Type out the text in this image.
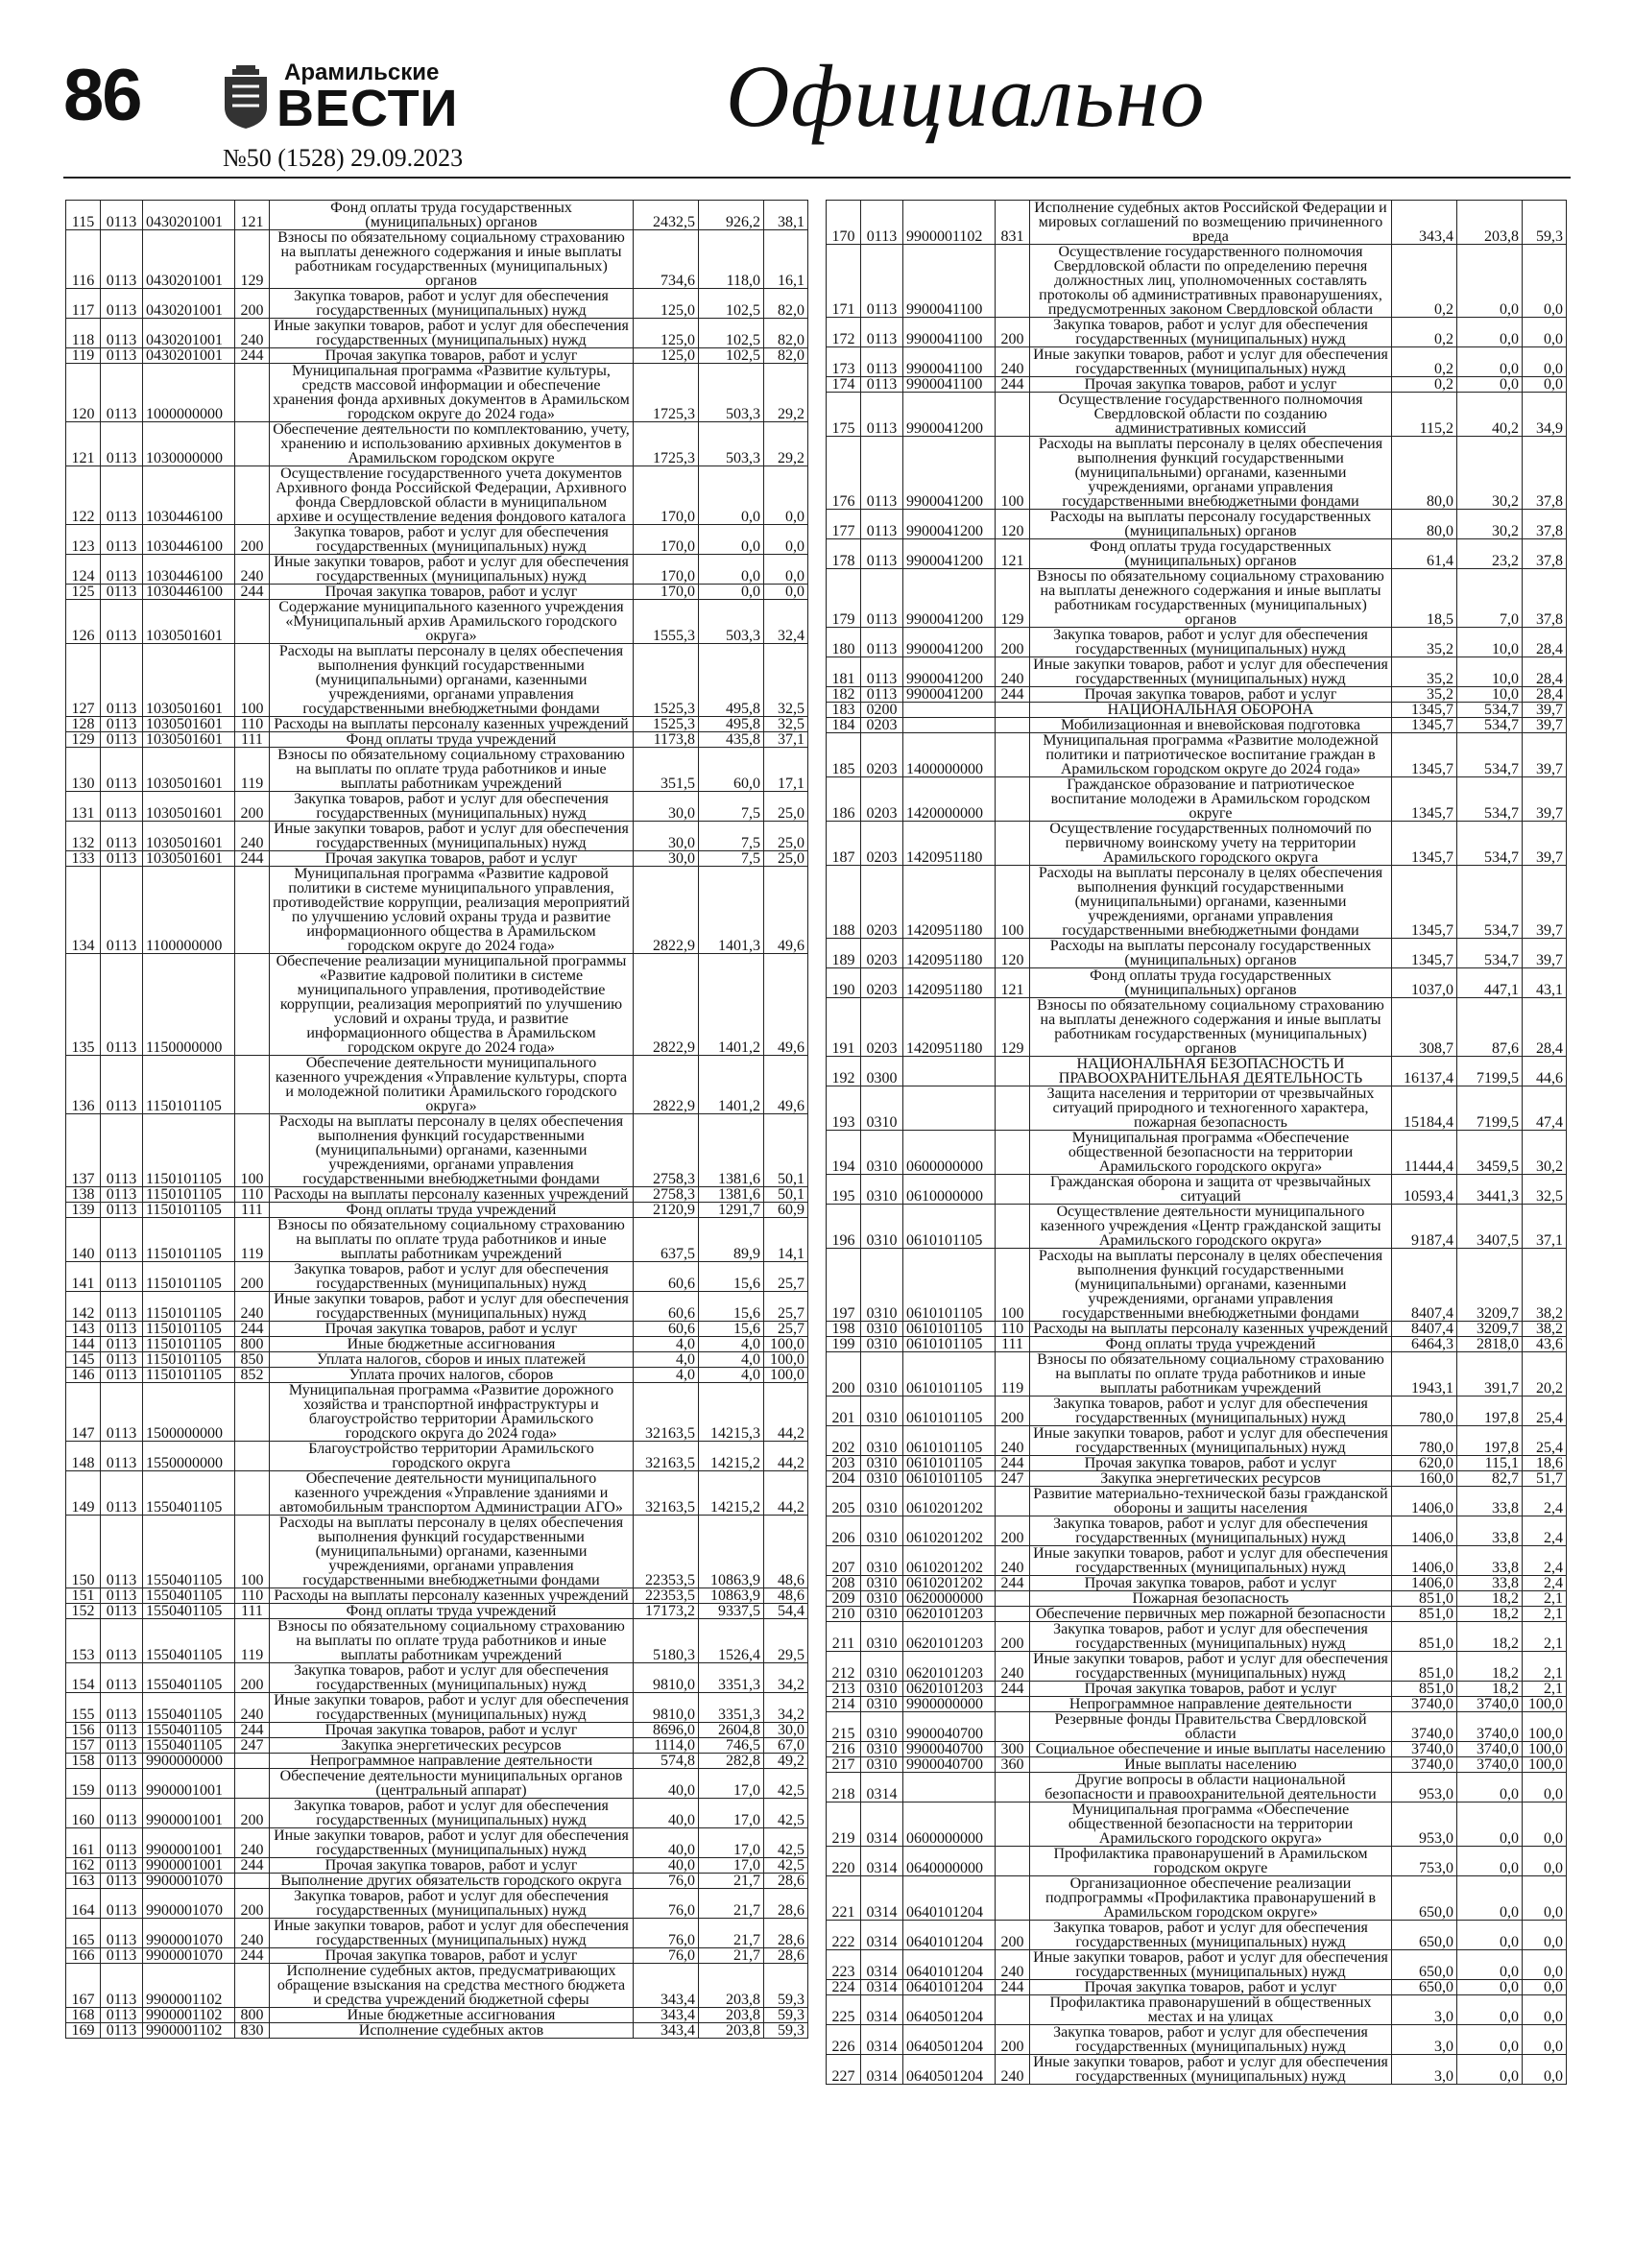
86	Арамильские
ВЕСТИ
№50 (1528) 29.09.2023
Официально
115	0113	0430201001	121	Фонд оплаты труда государственных (муниципальных) органов	2432,5	926,2	38,1
116	0113	0430201001	129	Взносы по обязательному социальному страхованию на выплаты денежного содержания и иные выплаты работникам государственных (муниципальных) органов	734,6	118,0	16,1
117	0113	0430201001	200	Закупка товаров, работ и услуг для обеспечения государственных (муниципальных) нужд	125,0	102,5	82,0
118	0113	0430201001	240	Иные закупки товаров, работ и услуг для обеспечения государственных (муниципальных) нужд	125,0	102,5	82,0
119	0113	0430201001	244	Прочая закупка товаров, работ и услуг	125,0	102,5	82,0
120	0113	1000000000		Муниципальная программа «Развитие культуры, средств массовой информации и обеспечение хранения фонда архивных документов в Арамильском городском округе до 2024 года»	1725,3	503,3	29,2
121	0113	1030000000		Обеспечение деятельности по комплектованию, учету, хранению и использованию архивных документов в Арамильском городском округе	1725,3	503,3	29,2
122	0113	1030446100		Осуществление государственного учета документов Архивного фонда Российской Федерации, Архивного фонда Свердловской области в муниципальном архиве и осуществление ведения фондового каталога	170,0	0,0	0,0
123	0113	1030446100	200	Закупка товаров, работ и услуг для обеспечения государственных (муниципальных) нужд	170,0	0,0	0,0
124	0113	1030446100	240	Иные закупки товаров, работ и услуг для обеспечения государственных (муниципальных) нужд	170,0	0,0	0,0
125	0113	1030446100	244	Прочая закупка товаров, работ и услуг	170,0	0,0	0,0
126	0113	1030501601		Содержание муниципального казенного учреждения «Муниципальный архив Арамильского городского округа»	1555,3	503,3	32,4
127	0113	1030501601	100	Расходы на выплаты персоналу в целях обеспечения выполнения функций государственными (муниципальными) органами, казенными учреждениями, органами управления государственными внебюджетными фондами	1525,3	495,8	32,5
128	0113	1030501601	110	Расходы на выплаты персоналу казенных учреждений	1525,3	495,8	32,5
129	0113	1030501601	111	Фонд оплаты труда учреждений	1173,8	435,8	37,1
130	0113	1030501601	119	Взносы по обязательному социальному страхованию на выплаты по оплате труда работников и иные выплаты работникам учреждений	351,5	60,0	17,1
131	0113	1030501601	200	Закупка товаров, работ и услуг для обеспечения государственных (муниципальных) нужд	30,0	7,5	25,0
132	0113	1030501601	240	Иные закупки товаров, работ и услуг для обеспечения государственных (муниципальных) нужд	30,0	7,5	25,0
133	0113	1030501601	244	Прочая закупка товаров, работ и услуг	30,0	7,5	25,0
134	0113	1100000000		Муниципальная программа «Развитие кадровой политики в системе муниципального управления, противодействие коррупции, реализация мероприятий по улучшению условий охраны труда и развитие информационного общества в Арамильском городском округе до 2024 года»	2822,9	1401,3	49,6
135	0113	1150000000		Обеспечение реализации муниципальной программы «Развитие кадровой политики в системе муниципального управления, противодействие коррупции, реализация мероприятий по улучшению условий и охраны труда, и развитие информационного общества в Арамильском городском округе до 2024 года»	2822,9	1401,2	49,6
136	0113	1150101105		Обеспечение деятельности муниципального казенного учреждения «Управление культуры, спорта и молодежной политики Арамильского городского округа»	2822,9	1401,2	49,6
137	0113	1150101105	100	Расходы на выплаты персоналу в целях обеспечения выполнения функций государственными (муниципальными) органами, казенными учреждениями, органами управления государственными внебюджетными фондами	2758,3	1381,6	50,1
138	0113	1150101105	110	Расходы на выплаты персоналу казенных учреждений	2758,3	1381,6	50,1
139	0113	1150101105	111	Фонд оплаты труда учреждений	2120,9	1291,7	60,9
140	0113	1150101105	119	Взносы по обязательному социальному страхованию на выплаты по оплате труда работников и иные выплаты работникам учреждений	637,5	89,9	14,1
141	0113	1150101105	200	Закупка товаров, работ и услуг для обеспечения государственных (муниципальных) нужд	60,6	15,6	25,7
142	0113	1150101105	240	Иные закупки товаров, работ и услуг для обеспечения государственных (муниципальных) нужд	60,6	15,6	25,7
143	0113	1150101105	244	Прочая закупка товаров, работ и услуг	60,6	15,6	25,7
144	0113	1150101105	800	Иные бюджетные ассигнования	4,0	4,0	100,0
145	0113	1150101105	850	Уплата налогов, сборов и иных платежей	4,0	4,0	100,0
146	0113	1150101105	852	Уплата прочих налогов, сборов	4,0	4,0	100,0
147	0113	1500000000		Муниципальная программа «Развитие дорожного хозяйства и транспортной инфраструктуры и благоустройство территории Арамильского городского округа до 2024 года»	32163,5	14215,3	44,2
148	0113	1550000000		Благоустройство территории Арамильского городского округа	32163,5	14215,2	44,2
149	0113	1550401105		Обеспечение деятельности муниципального казенного учреждения «Управление зданиями и автомобильным транспортом Администрации АГО»	32163,5	14215,2	44,2
150	0113	1550401105	100	Расходы на выплаты персоналу в целях обеспечения выполнения функций государственными (муниципальными) органами, казенными учреждениями, органами управления государственными внебюджетными фондами	22353,5	10863,9	48,6
151	0113	1550401105	110	Расходы на выплаты персоналу казенных учреждений	22353,5	10863,9	48,6
152	0113	1550401105	111	Фонд оплаты труда учреждений	17173,2	9337,5	54,4
153	0113	1550401105	119	Взносы по обязательному социальному страхованию на выплаты по оплате труда работников и иные выплаты работникам учреждений	5180,3	1526,4	29,5
154	0113	1550401105	200	Закупка товаров, работ и услуг для обеспечения государственных (муниципальных) нужд	9810,0	3351,3	34,2
155	0113	1550401105	240	Иные закупки товаров, работ и услуг для обеспечения государственных (муниципальных) нужд	9810,0	3351,3	34,2
156	0113	1550401105	244	Прочая закупка товаров, работ и услуг	8696,0	2604,8	30,0
157	0113	1550401105	247	Закупка энергетических ресурсов	1114,0	746,5	67,0
158	0113	9900000000		Непрограммное направление деятельности	574,8	282,8	49,2
159	0113	9900001001		Обеспечение деятельности муниципальных органов (центральный аппарат)	40,0	17,0	42,5
160	0113	9900001001	200	Закупка товаров, работ и услуг для обеспечения государственных (муниципальных) нужд	40,0	17,0	42,5
161	0113	9900001001	240	Иные закупки товаров, работ и услуг для обеспечения государственных (муниципальных) нужд	40,0	17,0	42,5
162	0113	9900001001	244	Прочая закупка товаров, работ и услуг	40,0	17,0	42,5
163	0113	9900001070		Выполнение других обязательств городского округа	76,0	21,7	28,6
164	0113	9900001070	200	Закупка товаров, работ и услуг для обеспечения государственных (муниципальных) нужд	76,0	21,7	28,6
165	0113	9900001070	240	Иные закупки товаров, работ и услуг для обеспечения государственных (муниципальных) нужд	76,0	21,7	28,6
166	0113	9900001070	244	Прочая закупка товаров, работ и услуг	76,0	21,7	28,6
167	0113	9900001102		Исполнение судебных актов, предусматривающих обращение взыскания на средства местного бюджета и средства учреждений бюджетной сферы	343,4	203,8	59,3
168	0113	9900001102	800	Иные бюджетные ассигнования	343,4	203,8	59,3
169	0113	9900001102	830	Исполнение судебных актов	343,4	203,8	59,3
170	0113	9900001102	831	Исполнение судебных актов Российской Федерации и мировых соглашений по возмещению причиненного вреда	343,4	203,8	59,3
171	0113	9900041100		Осуществление государственного полномочия Свердловской области по определению перечня должностных лиц, уполномоченных составлять протоколы об административных правонарушениях, предусмотренных законом Свердловской области	0,2	0,0	0,0
172	0113	9900041100	200	Закупка товаров, работ и услуг для обеспечения государственных (муниципальных) нужд	0,2	0,0	0,0
173	0113	9900041100	240	Иные закупки товаров, работ и услуг для обеспечения государственных (муниципальных) нужд	0,2	0,0	0,0
174	0113	9900041100	244	Прочая закупка товаров, работ и услуг	0,2	0,0	0,0
175	0113	9900041200		Осуществление государственного полномочия Свердловской области по созданию административных комиссий	115,2	40,2	34,9
176	0113	9900041200	100	Расходы на выплаты персоналу в целях обеспечения выполнения функций государственными (муниципальными) органами, казенными учреждениями, органами управления государственными внебюджетными фондами	80,0	30,2	37,8
177	0113	9900041200	120	Расходы на выплаты персоналу государственных (муниципальных) органов	80,0	30,2	37,8
178	0113	9900041200	121	Фонд оплаты труда государственных (муниципальных) органов	61,4	23,2	37,8
179	0113	9900041200	129	Взносы по обязательному социальному страхованию на выплаты денежного содержания и иные выплаты работникам государственных (муниципальных) органов	18,5	7,0	37,8
180	0113	9900041200	200	Закупка товаров, работ и услуг для обеспечения государственных (муниципальных) нужд	35,2	10,0	28,4
181	0113	9900041200	240	Иные закупки товаров, работ и услуг для обеспечения государственных (муниципальных) нужд	35,2	10,0	28,4
182	0113	9900041200	244	Прочая закупка товаров, работ и услуг	35,2	10,0	28,4
183	0200			НАЦИОНАЛЬНАЯ ОБОРОНА	1345,7	534,7	39,7
184	0203			Мобилизационная и вневойсковая подготовка	1345,7	534,7	39,7
185	0203	1400000000		Муниципальная программа «Развитие молодежной политики и патриотическое воспитание граждан в Арамильском городском округе до 2024 года»	1345,7	534,7	39,7
186	0203	1420000000		Гражданское образование и патриотическое воспитание молодежи в Арамильском городском округе	1345,7	534,7	39,7
187	0203	1420951180		Осуществление государственных полномочий по первичному воинскому учету на территории Арамильского городского округа	1345,7	534,7	39,7
188	0203	1420951180	100	Расходы на выплаты персоналу в целях обеспечения выполнения функций государственными (муниципальными) органами, казенными учреждениями, органами управления государственными внебюджетными фондами	1345,7	534,7	39,7
189	0203	1420951180	120	Расходы на выплаты персоналу государственных (муниципальных) органов	1345,7	534,7	39,7
190	0203	1420951180	121	Фонд оплаты труда государственных (муниципальных) органов	1037,0	447,1	43,1
191	0203	1420951180	129	Взносы по обязательному социальному страхованию на выплаты денежного содержания и иные выплаты работникам государственных (муниципальных) органов	308,7	87,6	28,4
192	0300			НАЦИОНАЛЬНАЯ БЕЗОПАСНОСТЬ И ПРАВООХРАНИТЕЛЬНАЯ ДЕЯТЕЛЬНОСТЬ	16137,4	7199,5	44,6
193	0310			Защита населения и территории от чрезвычайных ситуаций природного и техногенного характера, пожарная безопасность	15184,4	7199,5	47,4
194	0310	0600000000		Муниципальная программа «Обеспечение общественной безопасности на территории Арамильского городского округа»	11444,4	3459,5	30,2
195	0310	0610000000		Гражданская оборона и защита от чрезвычайных ситуаций	10593,4	3441,3	32,5
196	0310	0610101105		Осуществление деятельности муниципального казенного учреждения «Центр гражданской защиты Арамильского городского округа»	9187,4	3407,5	37,1
197	0310	0610101105	100	Расходы на выплаты персоналу в целях обеспечения выполнения функций государственными (муниципальными) органами, казенными учреждениями, органами управления государственными внебюджетными фондами	8407,4	3209,7	38,2
198	0310	0610101105	110	Расходы на выплаты персоналу казенных учреждений	8407,4	3209,7	38,2
199	0310	0610101105	111	Фонд оплаты труда учреждений	6464,3	2818,0	43,6
200	0310	0610101105	119	Взносы по обязательному социальному страхованию на выплаты по оплате труда работников и иные выплаты работникам учреждений	1943,1	391,7	20,2
201	0310	0610101105	200	Закупка товаров, работ и услуг для обеспечения государственных (муниципальных) нужд	780,0	197,8	25,4
202	0310	0610101105	240	Иные закупки товаров, работ и услуг для обеспечения государственных (муниципальных) нужд	780,0	197,8	25,4
203	0310	0610101105	244	Прочая закупка товаров, работ и услуг	620,0	115,1	18,6
204	0310	0610101105	247	Закупка энергетических ресурсов	160,0	82,7	51,7
205	0310	0610201202		Развитие материально-технической базы гражданской обороны и защиты населения	1406,0	33,8	2,4
206	0310	0610201202	200	Закупка товаров, работ и услуг для обеспечения государственных (муниципальных) нужд	1406,0	33,8	2,4
207	0310	0610201202	240	Иные закупки товаров, работ и услуг для обеспечения государственных (муниципальных) нужд	1406,0	33,8	2,4
208	0310	0610201202	244	Прочая закупка товаров, работ и услуг	1406,0	33,8	2,4
209	0310	0620000000		Пожарная безопасность	851,0	18,2	2,1
210	0310	0620101203		Обеспечение первичных мер пожарной безопасности	851,0	18,2	2,1
211	0310	0620101203	200	Закупка товаров, работ и услуг для обеспечения государственных (муниципальных) нужд	851,0	18,2	2,1
212	0310	0620101203	240	Иные закупки товаров, работ и услуг для обеспечения государственных (муниципальных) нужд	851,0	18,2	2,1
213	0310	0620101203	244	Прочая закупка товаров, работ и услуг	851,0	18,2	2,1
214	0310	9900000000		Непрограммное направление деятельности	3740,0	3740,0	100,0
215	0310	9900040700		Резервные фонды Правительства Свердловской области	3740,0	3740,0	100,0
216	0310	9900040700	300	Социальное обеспечение и иные выплаты населению	3740,0	3740,0	100,0
217	0310	9900040700	360	Иные выплаты населению	3740,0	3740,0	100,0
218	0314			Другие вопросы в области национальной безопасности и правоохранительной деятельности	953,0	0,0	0,0
219	0314	0600000000		Муниципальная программа «Обеспечение общественной безопасности на территории Арамильского городского округа»	953,0	0,0	0,0
220	0314	0640000000		Профилактика правонарушений в Арамильском городском округе	753,0	0,0	0,0
221	0314	0640101204		Организационное обеспечение реализации подпрограммы «Профилактика правонарушений в Арамильском городском округе»	650,0	0,0	0,0
222	0314	0640101204	200	Закупка товаров, работ и услуг для обеспечения государственных (муниципальных) нужд	650,0	0,0	0,0
223	0314	0640101204	240	Иные закупки товаров, работ и услуг для обеспечения государственных (муниципальных) нужд	650,0	0,0	0,0
224	0314	0640101204	244	Прочая закупка товаров, работ и услуг	650,0	0,0	0,0
225	0314	0640501204		Профилактика правонарушений в общественных местах и на улицах	3,0	0,0	0,0
226	0314	0640501204	200	Закупка товаров, работ и услуг для обеспечения государственных (муниципальных) нужд	3,0	0,0	0,0
227	0314	0640501204	240	Иные закупки товаров, работ и услуг для обеспечения государственных (муниципальных) нужд	3,0	0,0	0,0
